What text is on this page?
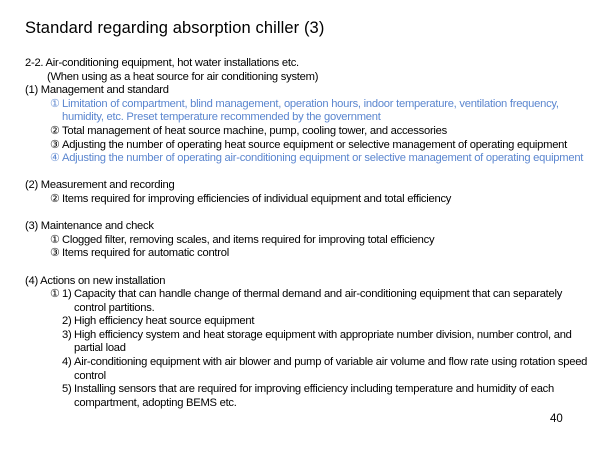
Standard regarding absorption chiller (3)
2-2. Air-conditioning equipment, hot water installations etc.
(When using as a heat source for air conditioning system)
(1) Management and standard
① Limitation of compartment, blind management, operation hours, indoor temperature, ventilation frequency, humidity, etc. Preset temperature recommended by the government
② Total management of heat source machine, pump, cooling tower, and accessories
③ Adjusting the number of operating heat source equipment or selective management of operating equipment
④ Adjusting the number of operating air-conditioning equipment or selective management of operating equipment
(2) Measurement and recording
② Items required for improving efficiencies of individual equipment and total efficiency
(3) Maintenance and check
① Clogged filter, removing scales, and items required for improving total efficiency
③ Items required for automatic control
(4) Actions on new installation
① 1) Capacity that can handle change of thermal demand and air-conditioning equipment that can separately control partitions.
2) High efficiency heat source equipment
3) High efficiency system and heat storage equipment with appropriate number division, number control, and partial load
4) Air-conditioning equipment with air blower and pump of variable air volume and flow rate using rotation speed control
5) Installing sensors that are required for improving efficiency including temperature and humidity of each compartment, adopting BEMS etc.
40
